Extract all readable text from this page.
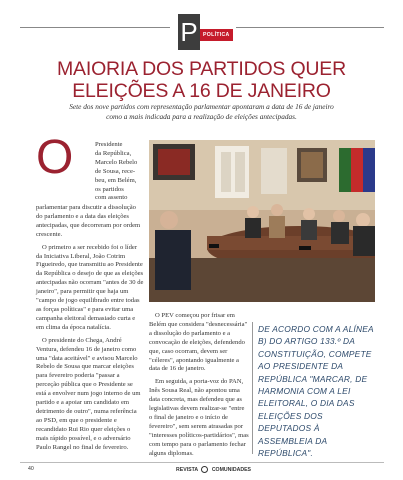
P	POLÍTICA
MAIORIA DOS PARTIDOS QUER
ELEIÇÕES A 16 DE JANEIRO
Sete dos nove partidos com representação parlamentar apontaram a data de 16 de janeiro
como a mais indicada para a realização de eleições antecipadas.
O	Presidente
da República,
Marcelo Rebelo
de Sousa, rece-
beu, em Belém,
os partidos
com assento

parlamentar para discutir a dissolução do parlamento e a data das eleições antecipadas, que decorreram por ordem crescente.

O primeiro a ser recebido foi o líder da Iniciativa Liberal, João Cotrim Figueiredo, que transmitiu ao Presidente da República o desejo de que as eleições antecipadas não ocorram "antes de 30 de janeiro", para permitir que haja um "campo de jogo equilibrado entre todas as forças políticas" e para evitar uma campanha eleitoral demasiado curta e em clima da época natalícia.

O presidente do Chega, André Ventura, defendeu 16 de janeiro como uma "data aceitável" e avisou Marcelo Rebelo de Sousa que marcar eleições para fevereiro poderia "passar a perceção pública que o Presidente se está a envolver num jogo interno de um partido e a apoiar um candidato em detrimento de outro", numa referência ao PSD, em que o presidente e recandidato Rui Rio quer eleições o mais rápido possível, e o adversário Paulo Rangel no final de fevereiro.

O PEV começou por frisar em Belém que considera "desnecessária" a dissolução do parlamento e a convocação de eleições, defendendo que, caso ocorram, devem ser "céleres", apontando igualmente a data de 16 de janeiro.

Em seguida, a porta-voz do PAN, Inês Sousa Real, não apontou uma data concreta, mas defendeu que as legislativas devem realizar-se "entre o final de janeiro e o início de fevereiro", sem serem atrasadas por "interesses políticos-partidários", mas com tempo para o parlamento fechar alguns diplomas.

DE ACORDO COM A ALÍNEA B) DO ARTIGO 133.º DA CONSTITUIÇÃO, COMPETE AO PRESIDENTE DA REPÚBLICA "MARCAR, DE HARMONIA COM A LEI ELEITORAL, O DIA DAS ELEIÇÕES DOS DEPUTADOS À ASSEMBLEIA DA REPÚBLICA".
40	REVISTA	COMUNIDADES
